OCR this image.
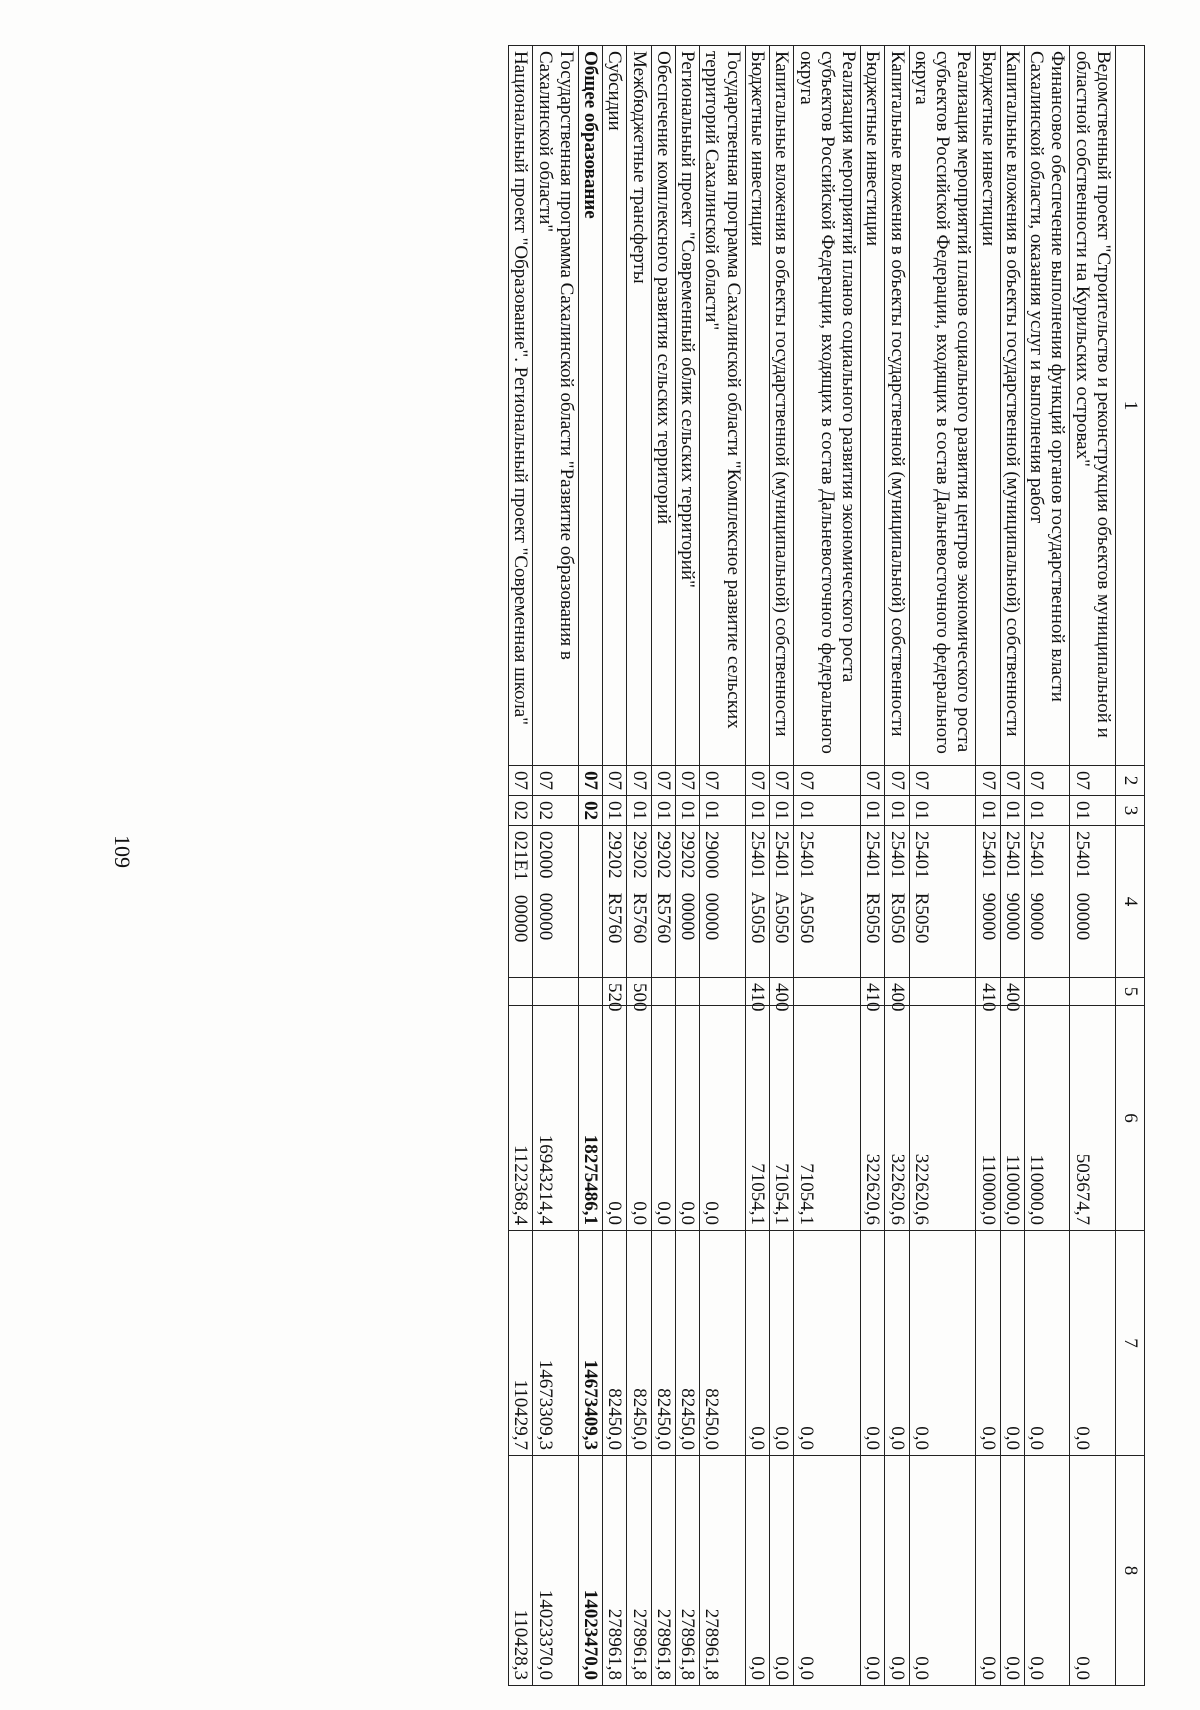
1	2	3	4	5	6	7	8
Ведомственный проект "Строительство и реконструкция объектов муниципальной и областной собственности на Курильских островах"	07	01	25401   00000		503674,7	0,0	0,0
Финансовое обеспечение выполнения функций органов государственной власти Сахалинской области, оказания услуг и выполнения работ	07	01	25401   90000		110000,0	0,0	0,0
Капитальные вложения в объекты государственной (муниципальной) собственности	07	01	25401   90000	400	110000,0	0,0	0,0
Бюджетные инвестиции	07	01	25401   90000	410	110000,0	0,0	0,0
Реализация мероприятий планов социального развития центров экономического роста субъектов Российской Федерации, входящих в состав Дальневосточного федерального округа	07	01	25401   R5050		322620,6	0,0	0,0
Капитальные вложения в объекты государственной (муниципальной) собственности	07	01	25401   R5050	400	322620,6	0,0	0,0
Бюджетные инвестиции	07	01	25401   R5050	410	322620,6	0,0	0,0
Реализация мероприятий планов социального развития экономического роста субъектов Российской Федерации, входящих в состав Дальневосточного федерального округа	07	01	25401   A5050		71054,1	0,0	0,0
Капитальные вложения в объекты государственной (муниципальной) собственности	07	01	25401   A5050	400	71054,1	0,0	0,0
Бюджетные инвестиции	07	01	25401   A5050	410	71054,1	0,0	0,0
Государственная программа Сахалинской области "Комплексное развитие сельских территорий Сахалинской области"	07	01	29000   00000		0,0	82450,0	278961,8
Региональный проект "Современный облик сельских территорий"	07	01	29202   00000		0,0	82450,0	278961,8
Обеспечение комплексного развития сельских территорий	07	01	29202   R5760		0,0	82450,0	278961,8
Межбюджетные трансферты	07	01	29202   R5760	500	0,0	82450,0	278961,8
Субсидии	07	01	29202   R5760	520	0,0	82450,0	278961,8
Общее образование	07	02			18275486,1	14673409,3	14023470,0
Государственная программа Сахалинской области "Развитие образования в Сахалинской области"	07	02	02000   00000		16943214,4	14673309,3	14023370,0
Национальный проект "Образование". Региональный проект "Современная школа"	07	02	021E1   00000		1122368,4	110429,7	110428,3
109
